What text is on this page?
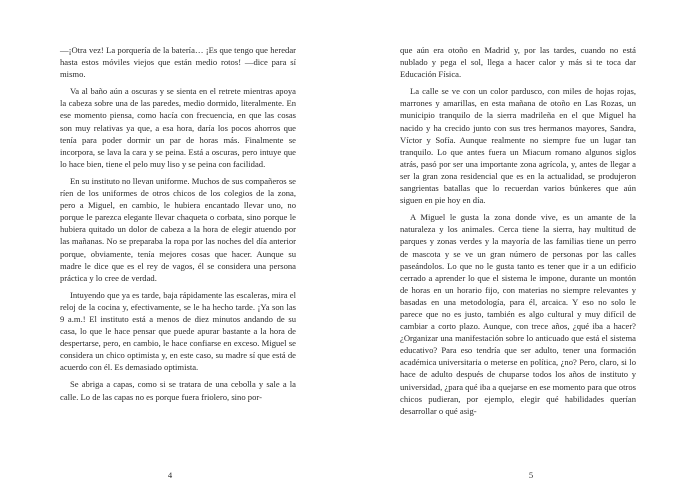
—¡Otra vez! La porquería de la batería… ¡Es que tengo que heredar hasta estos móviles viejos que están medio rotos! —dice para sí mismo.

Va al baño aún a oscuras y se sienta en el retrete mientras apoya la cabeza sobre una de las paredes, medio dormido, literalmente. En ese momento piensa, como hacía con frecuencia, en que las cosas son muy relativas ya que, a esa hora, daría los pocos ahorros que tenía para poder dormir un par de horas más. Finalmente se incorpora, se lava la cara y se peina. Está a oscuras, pero intuye que lo hace bien, tiene el pelo muy liso y se peina con facilidad.

En su instituto no llevan uniforme. Muchos de sus compañeros se ríen de los uniformes de otros chicos de los colegios de la zona, pero a Miguel, en cambio, le hubiera encantado llevar uno, no porque le parezca elegante llevar chaqueta o corbata, sino porque le hubiera quitado un dolor de cabeza a la hora de elegir atuendo por las mañanas. No se preparaba la ropa por las noches del día anterior porque, obviamente, tenía mejores cosas que hacer. Aunque su madre le dice que es el rey de vagos, él se considera una persona práctica y lo cree de verdad.

Intuyendo que ya es tarde, baja rápidamente las escaleras, mira el reloj de la cocina y, efectivamente, se le ha hecho tarde. ¡Ya son las 9 a.m.! El instituto está a menos de diez minutos andando de su casa, lo que le hace pensar que puede apurar bastante a la hora de despertarse, pero, en cambio, le hace confiarse en exceso. Miguel se considera un chico optimista y, en este caso, su madre sí que está de acuerdo con él. Es demasiado optimista.

Se abriga a capas, como si se tratara de una cebolla y sale a la calle. Lo de las capas no es porque fuera friolero, sino por-

4

que aún era otoño en Madrid y, por las tardes, cuando no está nublado y pega el sol, llega a hacer calor y más si te toca dar Educación Física.

La calle se ve con un color pardusco, con miles de hojas rojas, marrones y amarillas, en esta mañana de otoño en Las Rozas, un municipio tranquilo de la sierra madrileña en el que Miguel ha nacido y ha crecido junto con sus tres hermanos mayores, Sandra, Víctor y Sofía. Aunque realmente no siempre fue un lugar tan tranquilo. Lo que antes fuera un Miacum romano algunos siglos atrás, pasó por ser una importante zona agrícola, y, antes de llegar a ser la gran zona residencial que es en la actualidad, se produjeron sangrientas batallas que lo recuerdan varios búnkeres que aún siguen en pie hoy en día.

A Miguel le gusta la zona donde vive, es un amante de la naturaleza y los animales. Cerca tiene la sierra, hay multitud de parques y zonas verdes y la mayoría de las familias tiene un perro de mascota y se ve un gran número de personas por las calles paseándolos. Lo que no le gusta tanto es tener que ir a un edificio cerrado a aprender lo que el sistema le impone, durante un montón de horas en un horario fijo, con materias no siempre relevantes y basadas en una metodología, para él, arcaica. Y eso no solo le parece que no es justo, también es algo cultural y muy difícil de cambiar a corto plazo. Aunque, con trece años, ¿qué iba a hacer? ¿Organizar una manifestación sobre lo anticuado que está el sistema educativo? Para eso tendría que ser adulto, tener una formación académica universitaria o meterse en política, ¿no? Pero, claro, si lo hace de adulto después de chuparse todos los años de instituto y universidad, ¿para qué iba a quejarse en ese momento para que otros chicos pudieran, por ejemplo, elegir qué habilidades querían desarrollar o qué asig-

5
